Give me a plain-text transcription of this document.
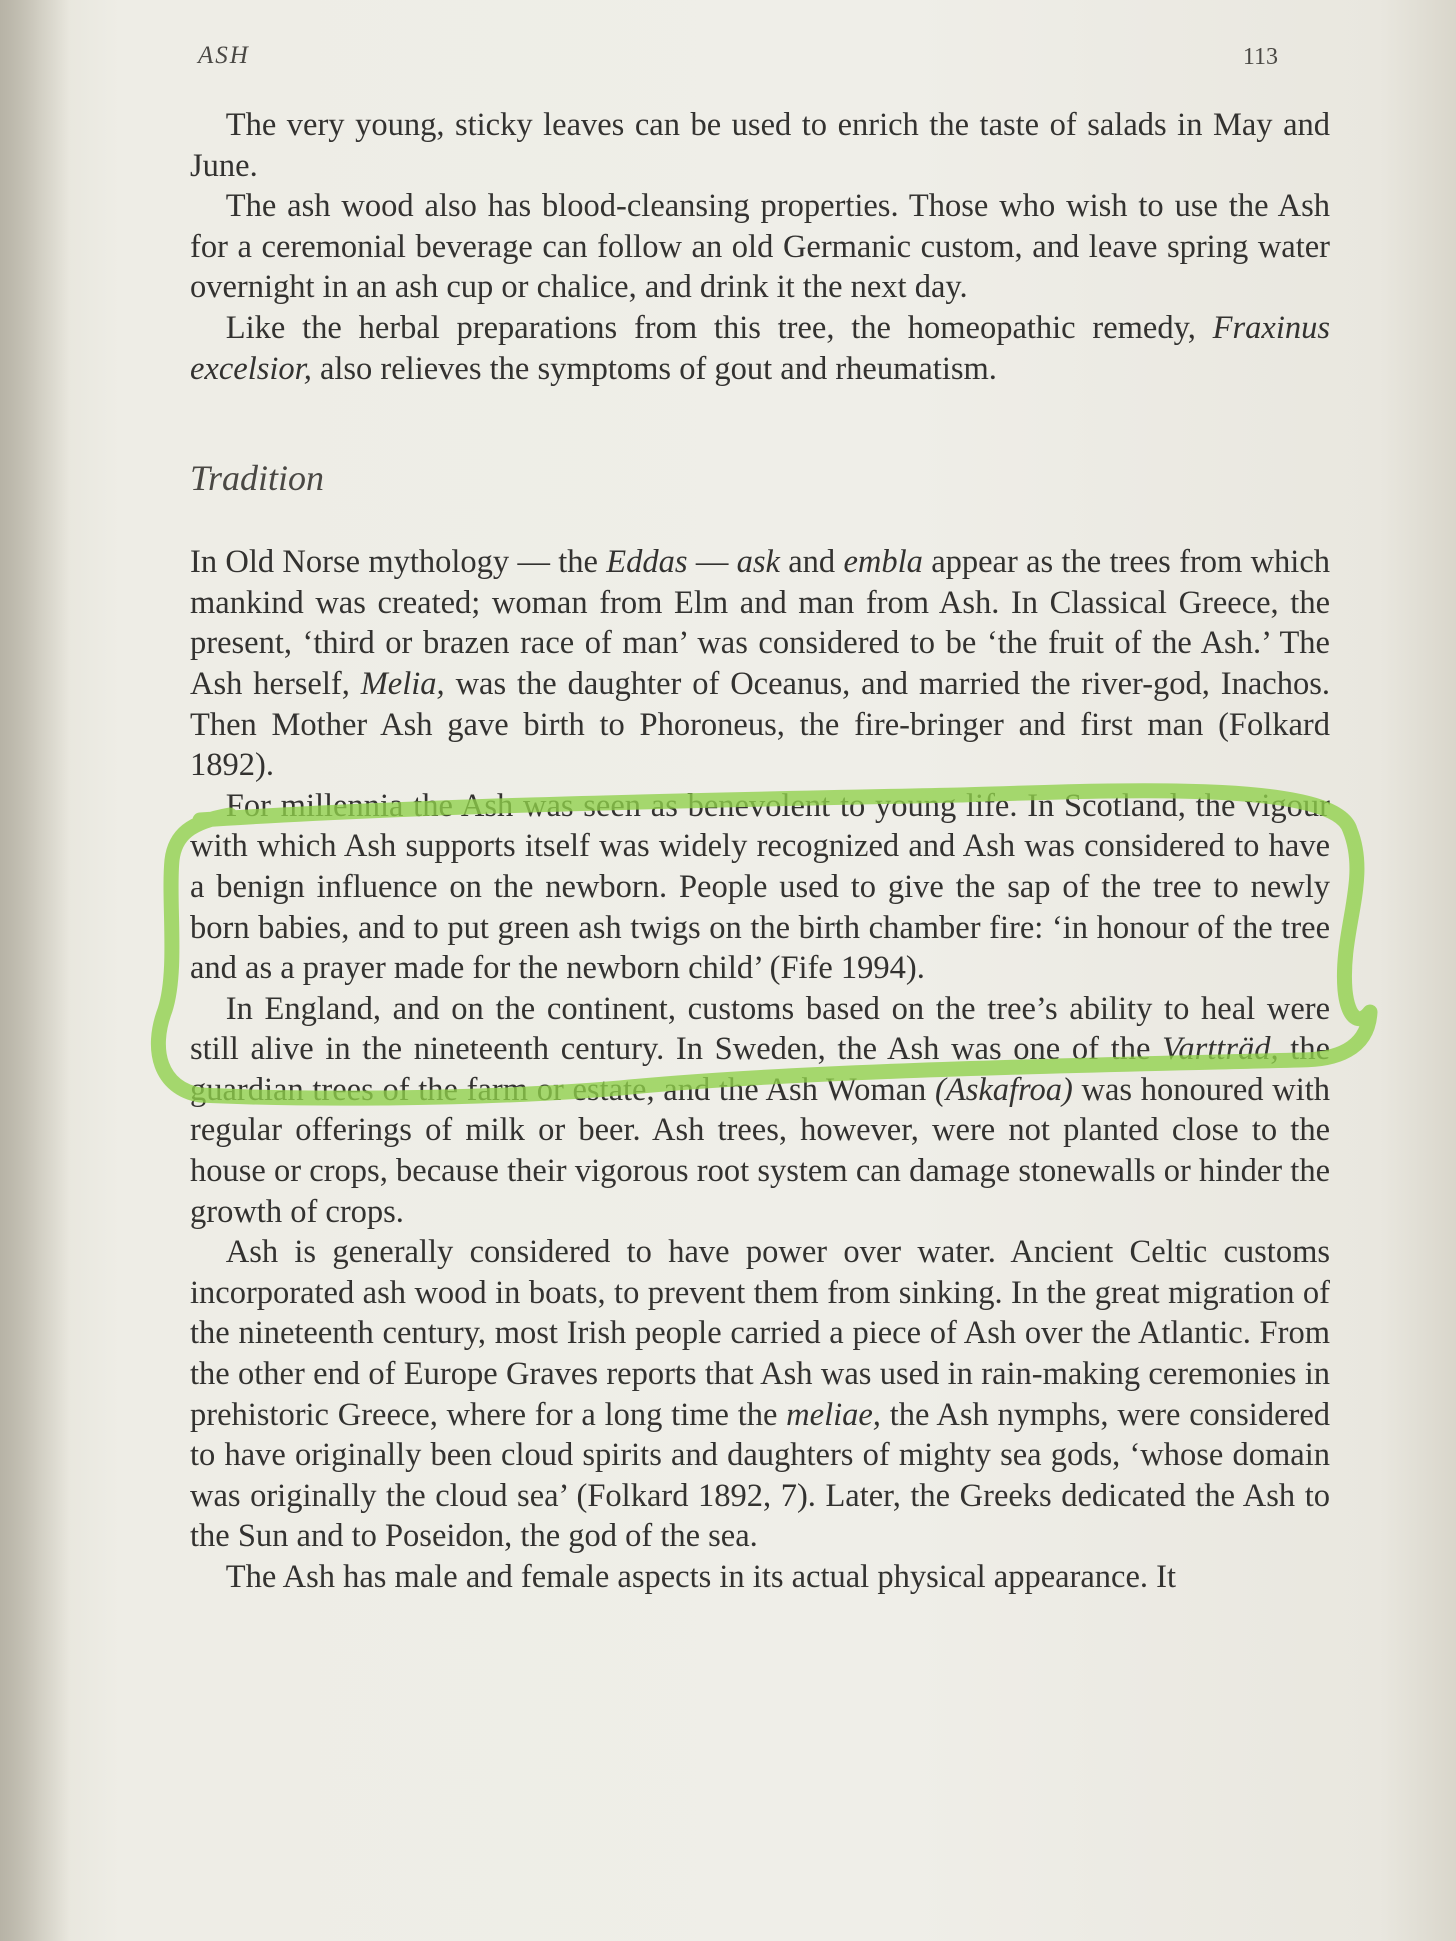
ASH	113

The very young, sticky leaves can be used to enrich the taste of salads in May and June.

The ash wood also has blood-cleansing properties. Those who wish to use the Ash for a ceremonial beverage can follow an old Germanic custom, and leave spring water overnight in an ash cup or chalice, and drink it the next day.

Like the herbal preparations from this tree, the homeopathic remedy, Fraxinus excelsior, also relieves the symptoms of gout and rheumatism.

Tradition

In Old Norse mythology — the Eddas — ask and embla appear as the trees from which mankind was created; woman from Elm and man from Ash. In Classical Greece, the present, ‘third or brazen race of man’ was considered to be ‘the fruit of the Ash.’ The Ash herself, Melia, was the daughter of Oceanus, and married the river-god, Inachos. Then Mother Ash gave birth to Phoroneus, the fire-bringer and first man (Folkard 1892).

For millennia the Ash was seen as benevolent to young life. In Scotland, the vigour with which Ash supports itself was widely recognized and Ash was considered to have a benign influence on the newborn. People used to give the sap of the tree to newly born babies, and to put green ash twigs on the birth chamber fire: ‘in honour of the tree and as a prayer made for the newborn child’ (Fife 1994).

In England, and on the continent, customs based on the tree’s ability to heal were still alive in the nineteenth century. In Sweden, the Ash was one of the Vartträd, the guardian trees of the farm or estate, and the Ash Woman (Askafroa) was honoured with regular offerings of milk or beer. Ash trees, however, were not planted close to the house or crops, because their vigorous root system can damage stonewalls or hinder the growth of crops.

Ash is generally considered to have power over water. Ancient Celtic customs incorporated ash wood in boats, to prevent them from sinking. In the great migration of the nineteenth century, most Irish people carried a piece of Ash over the Atlantic. From the other end of Europe Graves reports that Ash was used in rain-making ceremonies in prehistoric Greece, where for a long time the meliae, the Ash nymphs, were considered to have originally been cloud spirits and daughters of mighty sea gods, ‘whose domain was originally the cloud sea’ (Folkard 1892, 7). Later, the Greeks dedicated the Ash to the Sun and to Poseidon, the god of the sea.

The Ash has male and female aspects in its actual physical appearance. It
